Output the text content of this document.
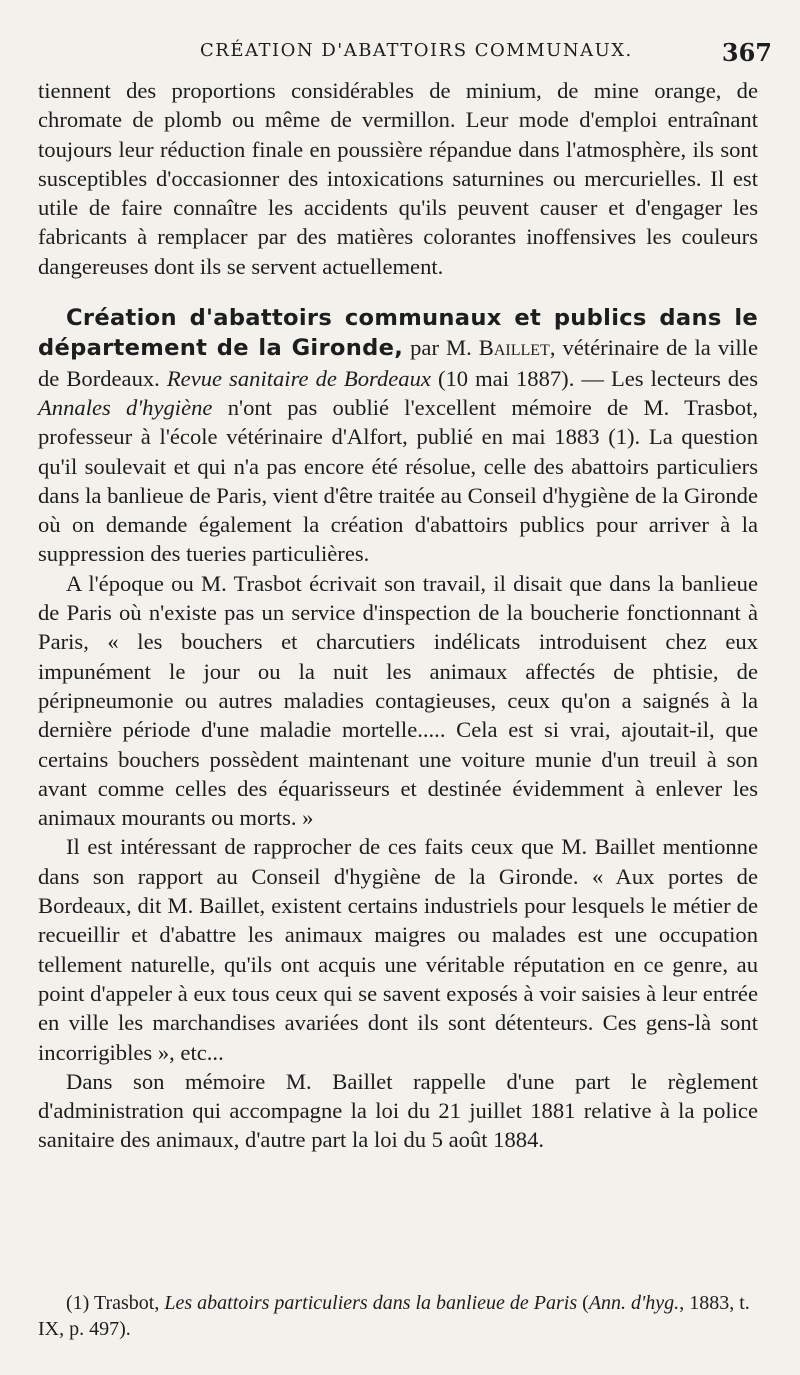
CRÉATION D'ABATTOIRS COMMUNAUX.	367

tiennent des proportions considérables de minium, de mine orange, de chromate de plomb ou même de vermillon. Leur mode d'emploi entraînant toujours leur réduction finale en poussière répandue dans l'atmosphère, ils sont susceptibles d'occasionner des intoxications saturnines ou mercurielles. Il est utile de faire connaître les accidents qu'ils peuvent causer et d'engager les fabricants à remplacer par des matières colorantes inoffensives les couleurs dangereuses dont ils se servent actuellement.

Création d'abattoirs communaux et publics dans le département de la Gironde, par M. Baillet, vétérinaire de la ville de Bordeaux. Revue sanitaire de Bordeaux (10 mai 1887). — Les lecteurs des Annales d'hygiène n'ont pas oublié l'excellent mémoire de M. Trasbot, professeur à l'école vétérinaire d'Alfort, publié en mai 1883 (1). La question qu'il soulevait et qui n'a pas encore été résolue, celle des abattoirs particuliers dans la banlieue de Paris, vient d'être traitée au Conseil d'hygiène de la Gironde où on demande également la création d'abattoirs publics pour arriver à la suppression des tueries particulières.

A l'époque ou M. Trasbot écrivait son travail, il disait que dans la banlieue de Paris où n'existe pas un service d'inspection de la boucherie fonctionnant à Paris, « les bouchers et charcutiers indélicats introduisent chez eux impunément le jour ou la nuit les animaux affectés de phtisie, de péripneumonie ou autres maladies contagieuses, ceux qu'on a saignés à la dernière période d'une maladie mortelle..... Cela est si vrai, ajoutait-il, que certains bouchers possèdent maintenant une voiture munie d'un treuil à son avant comme celles des équarisseurs et destinée évidemment à enlever les animaux mourants ou morts. »

Il est intéressant de rapprocher de ces faits ceux que M. Baillet mentionne dans son rapport au Conseil d'hygiène de la Gironde. « Aux portes de Bordeaux, dit M. Baillet, existent certains industriels pour lesquels le métier de recueillir et d'abattre les animaux maigres ou malades est une occupation tellement naturelle, qu'ils ont acquis une véritable réputation en ce genre, au point d'appeler à eux tous ceux qui se savent exposés à voir saisies à leur entrée en ville les marchandises avariées dont ils sont détenteurs. Ces gens-là sont incorrigibles », etc...

Dans son mémoire M. Baillet rappelle d'une part le règlement d'administration qui accompagne la loi du 21 juillet 1881 relative à la police sanitaire des animaux, d'autre part la loi du 5 août 1884.

(1) Trasbot, Les abattoirs particuliers dans la banlieue de Paris (Ann. d'hyg., 1883, t. IX, p. 497).
